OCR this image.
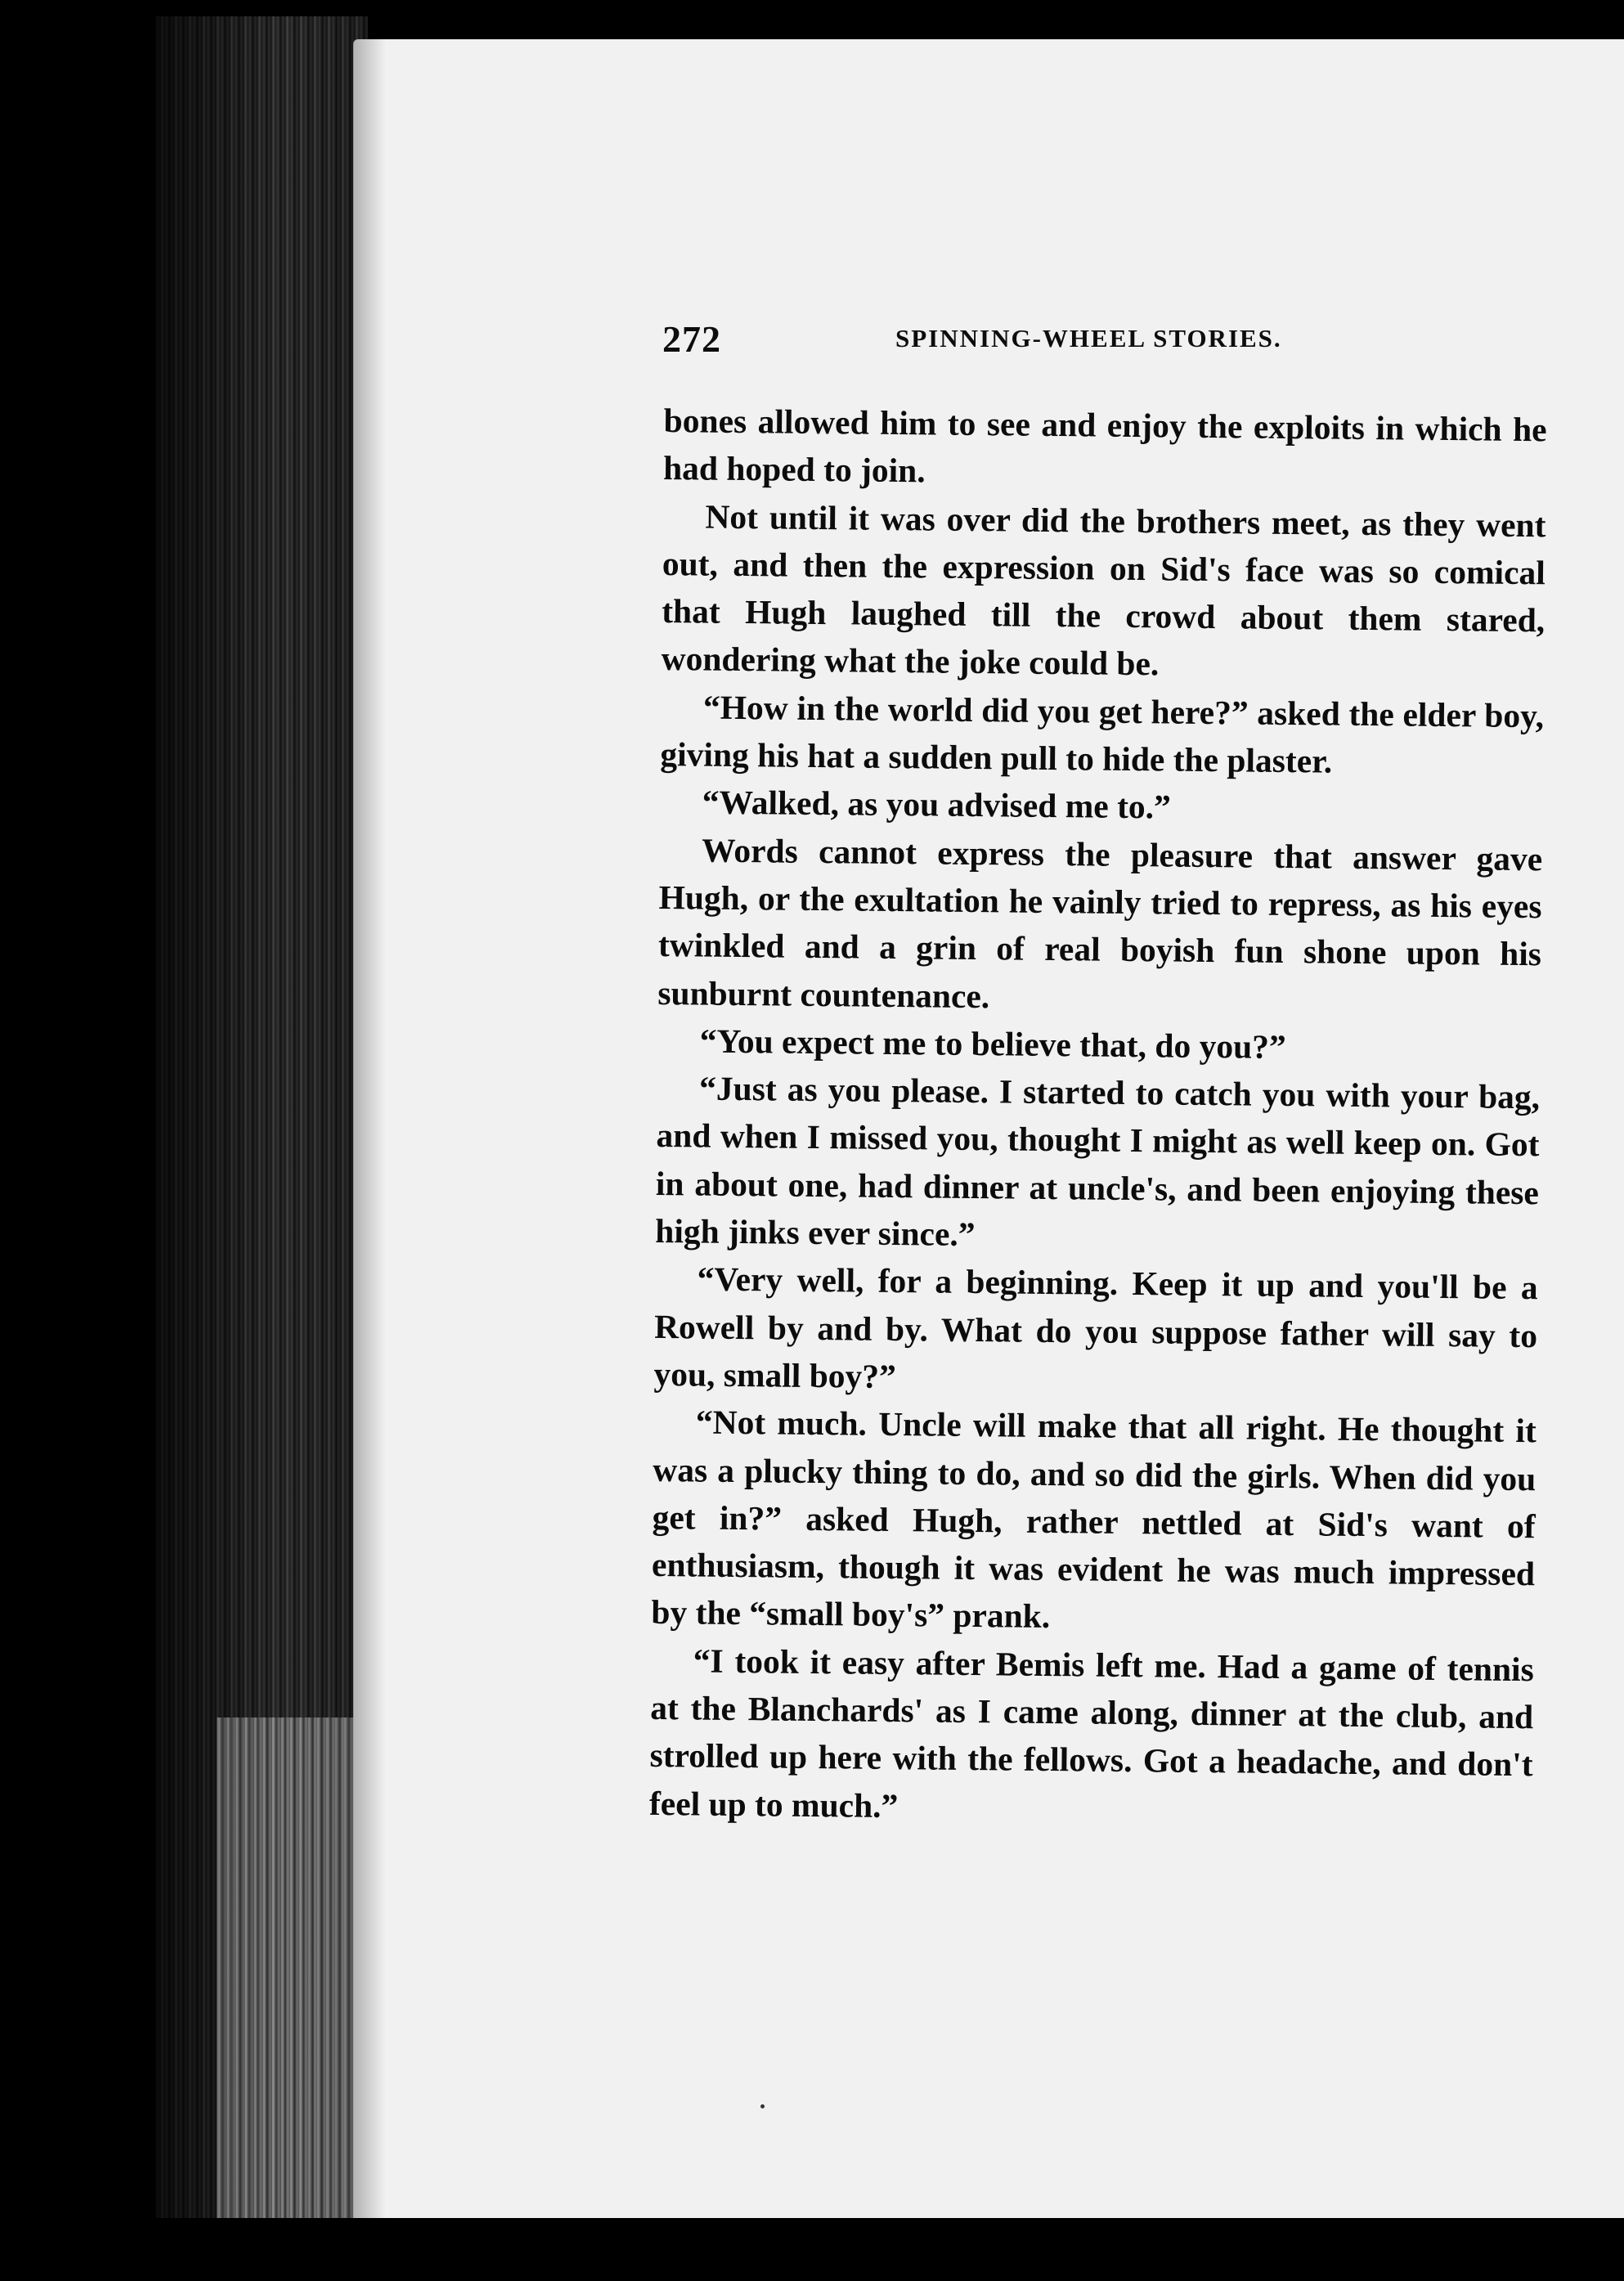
272	SPINNING-WHEEL STORIES.

bones allowed him to see and enjoy the exploits in which he had hoped to join.

Not until it was over did the brothers meet, as they went out, and then the expression on Sid's face was so comical that Hugh laughed till the crowd about them stared, wondering what the joke could be.

“How in the world did you get here?” asked the elder boy, giving his hat a sudden pull to hide the plaster.

“Walked, as you advised me to.”

Words cannot express the pleasure that answer gave Hugh, or the exultation he vainly tried to repress, as his eyes twinkled and a grin of real boyish fun shone upon his sunburnt countenance.

“You expect me to believe that, do you?”

“Just as you please. I started to catch you with your bag, and when I missed you, thought I might as well keep on. Got in about one, had dinner at uncle's, and been enjoying these high jinks ever since.”

“Very well, for a beginning. Keep it up and you'll be a Rowell by and by. What do you suppose father will say to you, small boy?”

“Not much. Uncle will make that all right. He thought it was a plucky thing to do, and so did the girls. When did you get in?” asked Hugh, rather nettled at Sid's want of enthusiasm, though it was evident he was much impressed by the “small boy's” prank.

“I took it easy after Bemis left me. Had a game of tennis at the Blanchards' as I came along, dinner at the club, and strolled up here with the fellows. Got a headache, and don't feel up to much.”
